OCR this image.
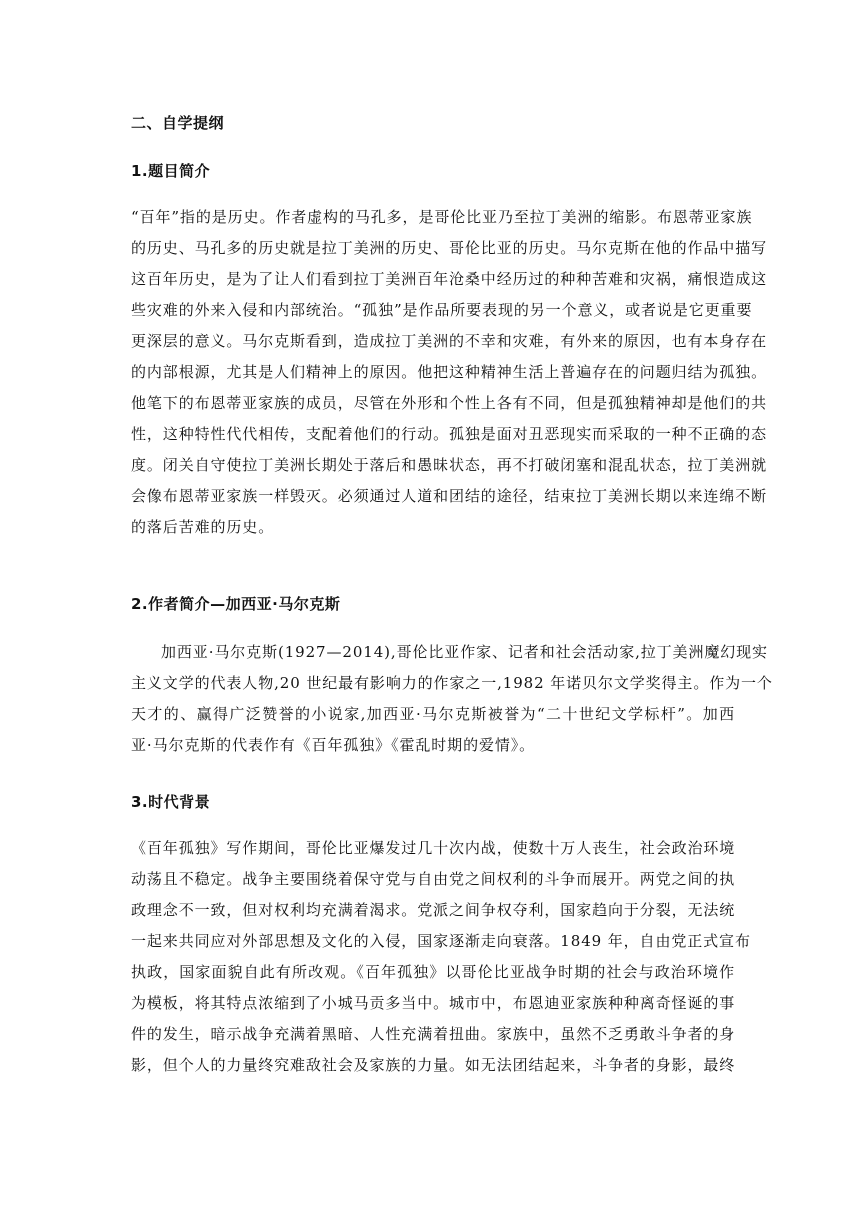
二、自学提纲
1.题目简介
“百年”指的是历史。作者虚构的马孔多，是哥伦比亚乃至拉丁美洲的缩影。布恩蒂亚家族
的历史、马孔多的历史就是拉丁美洲的历史、哥伦比亚的历史。马尔克斯在他的作品中描写
这百年历史，是为了让人们看到拉丁美洲百年沧桑中经历过的种种苦难和灾祸，痛恨造成这
些灾难的外来入侵和内部统治。“孤独”是作品所要表现的另一个意义，或者说是它更重要
更深层的意义。马尔克斯看到，造成拉丁美洲的不幸和灾难，有外来的原因，也有本身存在
的内部根源，尤其是人们精神上的原因。他把这种精神生活上普遍存在的问题归结为孤独。
他笔下的布恩蒂亚家族的成员，尽管在外形和个性上各有不同，但是孤独精神却是他们的共
性，这种特性代代相传，支配着他们的行动。孤独是面对丑恶现实而采取的一种不正确的态
度。闭关自守使拉丁美洲长期处于落后和愚昧状态，再不打破闭塞和混乱状态，拉丁美洲就
会像布恩蒂亚家族一样毁灭。必须通过人道和团结的途径，结束拉丁美洲长期以来连绵不断
的落后苦难的历史。
2.作者简介—加西亚·马尔克斯
加西亚·马尔克斯(1927—2014),哥伦比亚作家、记者和社会活动家,拉丁美洲魔幻现实
主义文学的代表人物,20 世纪最有影响力的作家之一,1982 年诺贝尔文学奖得主。作为一个
天才的、赢得广泛赞誉的小说家,加西亚·马尔克斯被誉为“二十世纪文学标杆”。加西
亚·马尔克斯的代表作有《百年孤独》《霍乱时期的爱情》。
3.时代背景
《百年孤独》写作期间，哥伦比亚爆发过几十次内战，使数十万人丧生，社会政治环境
动荡且不稳定。战争主要围绕着保守党与自由党之间权利的斗争而展开。两党之间的执
政理念不一致，但对权利均充满着渴求。党派之间争权夺利，国家趋向于分裂，无法统
一起来共同应对外部思想及文化的入侵，国家逐渐走向衰落。1849 年，自由党正式宣布
执政，国家面貌自此有所改观。《百年孤独》以哥伦比亚战争时期的社会与政治环境作
为模板，将其特点浓缩到了小城马贡多当中。城市中，布恩迪亚家族种种离奇怪诞的事
件的发生，暗示战争充满着黑暗、人性充满着扭曲。家族中，虽然不乏勇敢斗争者的身
影，但个人的力量终究难敌社会及家族的力量。如无法团结起来，斗争者的身影，最终
